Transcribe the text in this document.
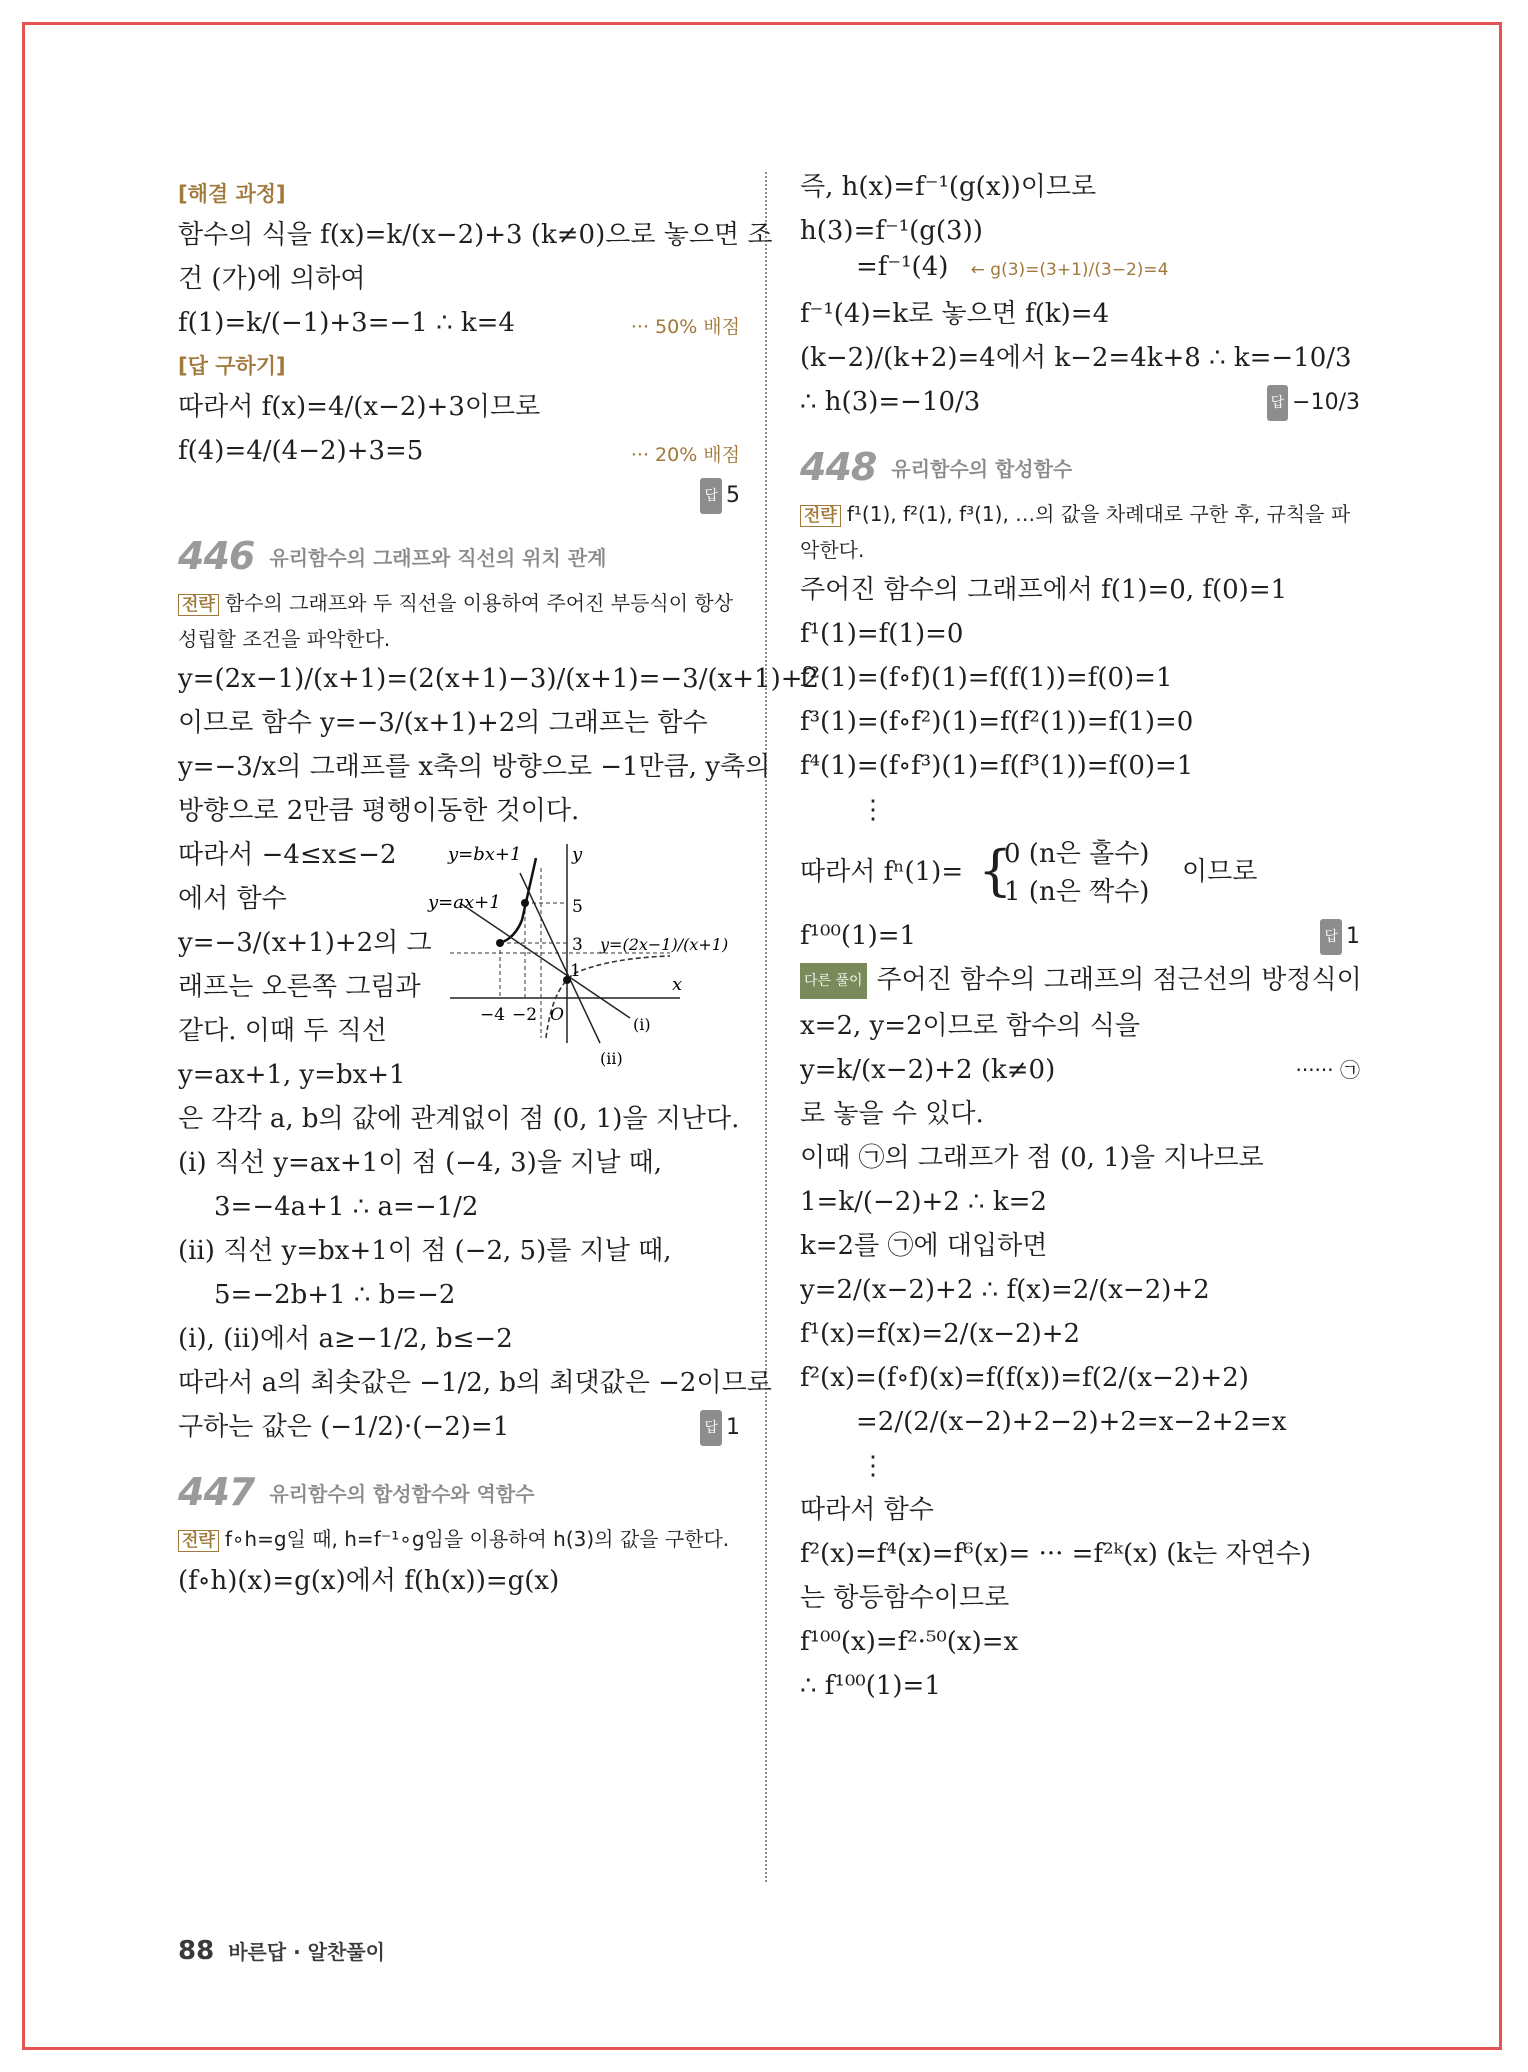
[해결 과정]
함수의 식을 f(x)=k/(x−2)+3 (k≠0)으로 놓으면 조
건 (가)에 의하여
f(1)=k/(−1)+3=−1 ∴ k=4	··· 50% 배점
[답 구하기]
따라서 f(x)=4/(x−2)+3이므로
f(4)=4/(4−2)+3=5	··· 20% 배점
답 5
446 유리함수의 그래프와 직선의 위치 관계
전략 함수의 그래프와 두 직선을 이용하여 주어진 부등식이 항상 성립할 조건을 파악한다.
y=(2x−1)/(x+1)=(2(x+1)−3)/(x+1)=−3/(x+1)+2
이므로 함수 y=−3/(x+1)+2의 그래프는 함수
y=−3/x의 그래프를 x축의 방향으로 −1만큼, y축의
방향으로 2만큼 평행이동한 것이다.
따라서 −4≤x≤−2
에서 함수
y=−3/(x+1)+2의 그
래프는 오른쪽 그림과
같다. 이때 두 직선
y=ax+1, y=bx+1
y=bx+1	y
y=ax+1	5
3
1
y=(2x−1)/(x+1)
x
−4 −2 O	(i)
(ii)
은 각각 a, b의 값에 관계없이 점 (0, 1)을 지난다.
(i) 직선 y=ax+1이 점 (−4, 3)을 지날 때,
3=−4a+1 ∴ a=−1/2
(ii) 직선 y=bx+1이 점 (−2, 5)를 지날 때,
5=−2b+1 ∴ b=−2
(i), (ii)에서 a≥−1/2, b≤−2
따라서 a의 최솟값은 −1/2, b의 최댓값은 −2이므로
구하는 값은 (−1/2)·(−2)=1	답 1
447 유리함수의 합성함수와 역함수
전략 f∘h=g일 때, h=f⁻¹∘g임을 이용하여 h(3)의 값을 구한다.
(f∘h)(x)=g(x)에서 f(h(x))=g(x)
즉, h(x)=f⁻¹(g(x))이므로
h(3)=f⁻¹(g(3))
=f⁻¹(4) ← g(3)=(3+1)/(3−2)=4
f⁻¹(4)=k로 놓으면 f(k)=4
(k−2)/(k+2)=4에서 k−2=4k+8 ∴ k=−10/3
∴ h(3)=−10/3	답 −10/3
448 유리함수의 합성함수
전략 f¹(1), f²(1), f³(1), …의 값을 차례대로 구한 후, 규칙을 파악한다.
주어진 함수의 그래프에서 f(1)=0, f(0)=1
f¹(1)=f(1)=0
f²(1)=(f∘f)(1)=f(f(1))=f(0)=1
f³(1)=(f∘f²)(1)=f(f²(1))=f(1)=0
f⁴(1)=(f∘f³)(1)=f(f³(1))=f(0)=1
⋮
따라서 fⁿ(1)= {
0 (n은 홀수)
1 (n은 짝수)
이므로
f¹⁰⁰(1)=1	답 1
다른 풀이 주어진 함수의 그래프의 점근선의 방정식이
x=2, y=2이므로 함수의 식을
y=k/(x−2)+2 (k≠0)	······ ㉠
로 놓을 수 있다.
이때 ㉠의 그래프가 점 (0, 1)을 지나므로
1=k/(−2)+2 ∴ k=2
k=2를 ㉠에 대입하면
y=2/(x−2)+2 ∴ f(x)=2/(x−2)+2
f¹(x)=f(x)=2/(x−2)+2
f²(x)=(f∘f)(x)=f(f(x))=f(2/(x−2)+2)
=2/(2/(x−2)+2−2)+2=x−2+2=x
⋮
따라서 함수
f²(x)=f⁴(x)=f⁶(x)= ··· =f²ᵏ(x) (k는 자연수)
는 항등함수이므로
f¹⁰⁰(x)=f²·⁵⁰(x)=x
∴ f¹⁰⁰(1)=1
88 바른답 · 알찬풀이
